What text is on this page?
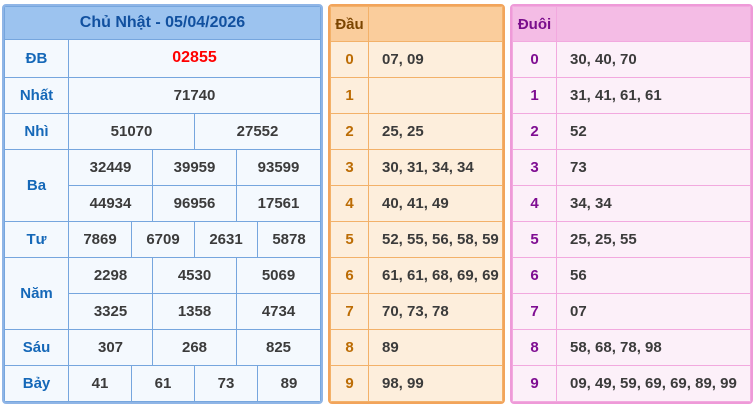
Chủ Nhật - 05/04/2026						
ĐB	02855					
Nhất	71740					
Nhì	51070			27552		
Ba	32449		39959		93599	
	44934		96956		17561	
Tư	7869	6709		2631		5878
Năm	2298		4530		5069	
	3325		1358		4734	
Sáu	307		268		825	
Bảy	41	61		73		89
Đầu	
0	07, 09
1	
2	25, 25
3	30, 31, 34, 34
4	40, 41, 49
5	52, 55, 56, 58, 59
6	61, 61, 68, 69, 69
7	70, 73, 78
8	89
9	98, 99
Đuôi	
0	30, 40, 70
1	31, 41, 61, 61
2	52
3	73
4	34, 34
5	25, 25, 55
6	56
7	07
8	58, 68, 78, 98
9	09, 49, 59, 69, 69, 89, 99
